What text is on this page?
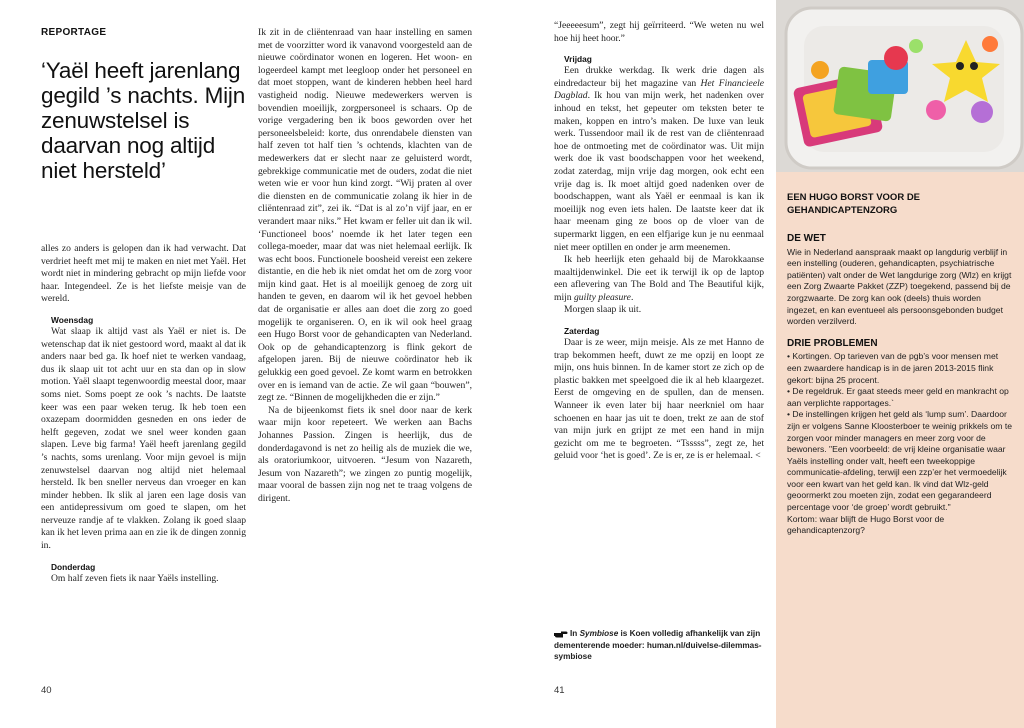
REPORTAGE
‘Yaël heeft jarenlang gegild ’s nachts. Mijn zenuwstelsel is daarvan nog altijd niet hersteld’

alles zo anders is gelopen dan ik had verwacht. Dat verdriet heeft met mij te maken en niet met Yaël. Het wordt niet in mindering gebracht op mijn liefde voor haar. Integendeel. Ze is het liefste meisje van de wereld.

Woensdag

Wat slaap ik altijd vast als Yaël er niet is. De wetenschap dat ik niet gestoord word, maakt al dat ik anders naar bed ga. Ik hoef niet te werken vandaag, dus ik slaap uit tot acht uur en sta dan op in slow motion. Yaël slaapt tegenwoordig meestal door, maar soms niet. Soms poept ze ook ’s nachts. De laatste keer was een paar weken terug. Ik heb toen een oxazepam doormidden gesneden en ons ieder de helft gegeven, zodat we snel weer konden gaan slapen. Leve big farma! Yaël heeft jarenlang gegild ’s nachts, soms urenlang. Voor mijn gevoel is mijn zenuwstelsel daarvan nog altijd niet helemaal hersteld. Ik ben sneller nerveus dan vroeger en kan minder hebben. Ik slik al jaren een lage dosis van een antidepressivum om goed te slapen, om het nerveuze randje af te vlakken. Zolang ik goed slaap kan ik het leven prima aan en zie ik de dingen zonnig in.

Donderdag

Om half zeven fiets ik naar Yaëls instelling.

Ik zit in de cliëntenraad van haar instelling en samen met de voorzitter word ik vanavond voorgesteld aan de nieuwe coördinator wonen en logeren. Het woon- en logeerdeel kampt met leegloop onder het personeel en dat moet stoppen, want de kinderen hebben heel hard vastigheid nodig. Nieuwe medewerkers werven is bovendien moeilijk, zorgpersoneel is schaars. Op de vorige vergadering ben ik boos geworden over het personeelsbeleid: korte, dus onrendabele diensten van half zeven tot half tien ’s ochtends, klachten van de medewerkers dat er slecht naar ze geluisterd wordt, gebrekkige communicatie met de ouders, zodat die niet weten wie er voor hun kind zorgt. “Wij praten al over die diensten en de communicatie zolang ik hier in de cliëntenraad zit”, zei ik. “Dat is al zo’n vijf jaar, en er verandert maar niks.” Het kwam er feller uit dan ik wil. ‘Functioneel boos’ noemde ik het later tegen een collega-moeder, maar dat was niet helemaal eerlijk. Ik was echt boos. Functionele boosheid vereist een zekere distantie, en die heb ik niet omdat het om de zorg voor mijn kind gaat. Het is al moeilijk genoeg de zorg uit handen te geven, en daarom wil ik het gevoel hebben dat de organisatie er alles aan doet die zorg zo goed mogelijk te organiseren. O, en ik wil ook heel graag een Hugo Borst voor de gehandicapten van Nederland. Ook op de gehandicaptenzorg is flink gekort de afgelopen jaren. Bij de nieuwe coördinator heb ik gelukkig een goed gevoel. Ze komt warm en betrokken over en is iemand van de actie. Ze wil gaan “bouwen”, zegt ze. “Binnen de mogelijkheden die er zijn.”

Na de bijeenkomst fiets ik snel door naar de kerk waar mijn koor repeteert. We werken aan Bachs Johannes Passion. Zingen is heerlijk, dus de donderdagavond is net zo heilig als de muziek die we, als oratoriumkoor, uitvoeren. “Jesum von Nazareth, Jesum von Nazareth”; we zingen zo puntig mogelijk, maar vooral de bassen zijn nog net te traag volgens de dirigent.

40

“Jeeeeesum”, zegt hij geïrriteerd. “We weten nu wel hoe hij heet hoor.”

Vrijdag

Een drukke werkdag. Ik werk drie dagen als eindredacteur bij het magazine van Het Financieele Dagblad. Ik hou van mijn werk, het nadenken over inhoud en tekst, het gepeuter om teksten beter te maken, koppen en intro’s maken. De luxe van leuk werk. Tussendoor mail ik de rest van de cliëntenraad hoe de ontmoeting met de coördinator was. Uit mijn werk doe ik vast boodschappen voor het weekend, zodat zaterdag, mijn vrije dag morgen, ook echt een vrije dag is. Ik moet altijd goed nadenken over de boodschappen, want als Yaël er eenmaal is kan ik moeilijk nog even iets halen. De laatste keer dat ik haar meenam ging ze boos op de vloer van de supermarkt liggen, en een elfjarige kun je nu eenmaal niet meer optillen en onder je arm meenemen.

Ik heb heerlijk eten gehaald bij de Marokkaanse maaltijdenwinkel. Die eet ik terwijl ik op de laptop een aflevering van The Bold and The Beautiful kijk, mijn guilty pleasure.

Morgen slaap ik uit.

Zaterdag

Daar is ze weer, mijn meisje. Als ze met Hanno de trap bekommen heeft, duwt ze me opzij en loopt ze mijn, ons huis binnen. In de kamer stort ze zich op de plastic bakken met speelgoed die ik al heb klaargezet. Eerst de omgeving en de spullen, dan de mensen. Wanneer ik even later bij haar neerkniel om haar schoenen en haar jas uit te doen, trekt ze aan de stof van mijn jurk en grijpt ze met een hand in mijn gezicht om me te begroeten. “Tsssss”, zegt ze, het geluid voor ‘het is goed’. Ze is er, ze is er helemaal. <

In Symbiose is Koen volledig afhankelijk van zijn dementerende moeder: human.nl/duivelse-dilemmas-symbiose
41
EEN HUGO BORST VOOR DE GEHANDICAPTENZORG
DE WET

Wie in Nederland aanspraak maakt op langdurig verblijf in een instelling (ouderen, gehandicapten, psychiatrische patiënten) valt onder de Wet langdurige zorg (Wlz) en krijgt een Zorg Zwaarte Pakket (ZZP) toegekend, passend bij de zorgzwaarte. De zorg kan ook (deels) thuis worden ingezet, en kan eventueel als persoonsgebonden budget worden verzilverd.

DRIE PROBLEMEN

• Kortingen. Op tarieven van de pgb’s voor mensen met een zwaardere handicap is in de jaren 2013-2015 flink gekort: bijna 25 procent.

• De regeldruk. Er gaat steeds meer geld en mankracht op aan verplichte rapportages.`

• De instellingen krijgen het geld als ‘lump sum’. Daardoor zijn er volgens Sanne Kloosterboer te weinig prikkels om te zorgen voor minder managers en meer zorg voor de bewoners. "Een voorbeeld: de vrij kleine organisatie waar Yaëls instelling onder valt, heeft een tweekoppige communicatie-afdeling, terwijl een zzp’er het vermoedelijk voor een kwart van het geld kan. Ik vind dat Wlz-geld geoormerkt zou moeten zijn, zodat een gegarandeerd percentage voor ‘de groep’ wordt gebruikt."

Kortom: waar blijft de Hugo Borst voor de gehandicaptenzorg?
